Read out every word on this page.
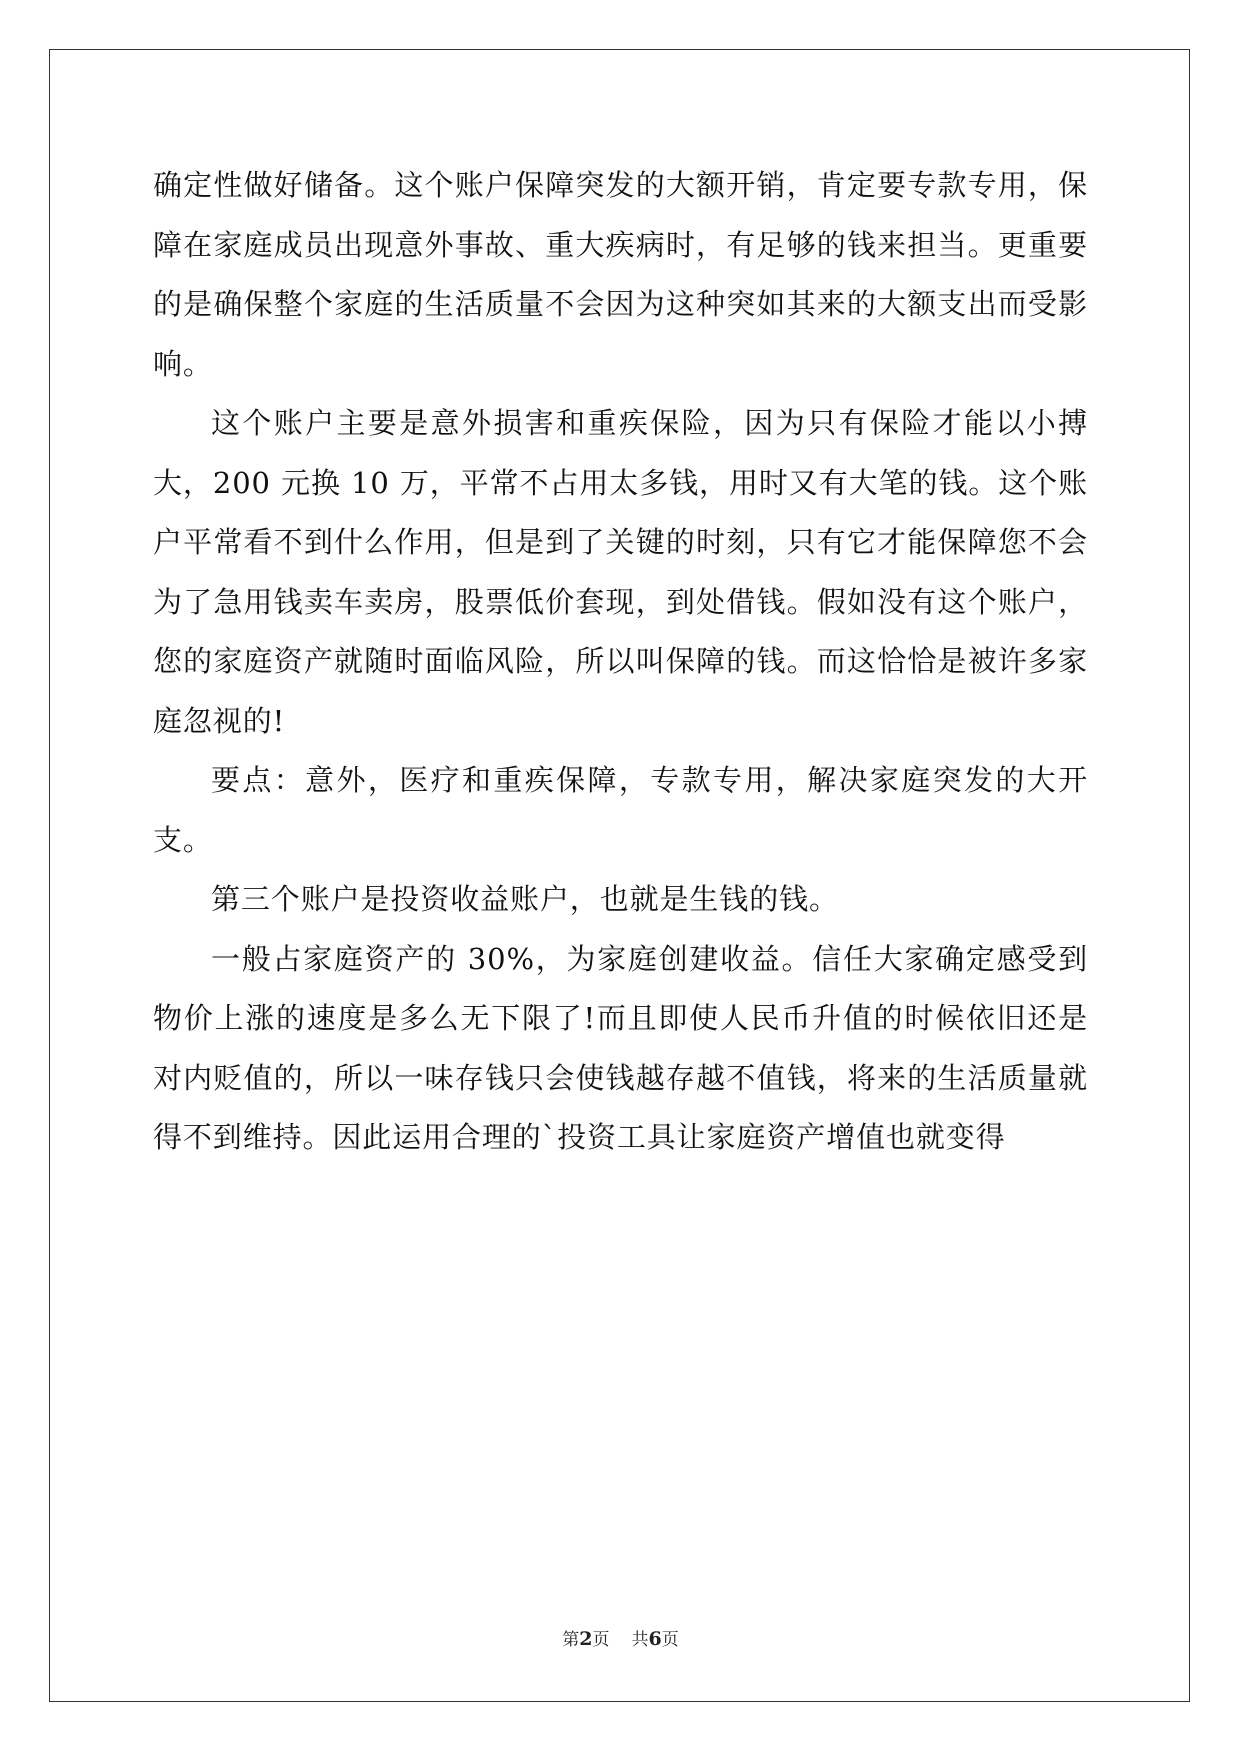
确定性做好储备。这个账户保障突发的大额开销，肯定要专款专用，保障在家庭成员出现意外事故、重大疾病时，有足够的钱来担当。更重要的是确保整个家庭的生活质量不会因为这种突如其来的大额支出而受影响。

这个账户主要是意外损害和重疾保险，因为只有保险才能以小搏大，200 元换 10 万，平常不占用太多钱，用时又有大笔的钱。这个账户平常看不到什么作用，但是到了关键的时刻，只有它才能保障您不会为了急用钱卖车卖房，股票低价套现，到处借钱。假如没有这个账户，您的家庭资产就随时面临风险，所以叫保障的钱。而这恰恰是被许多家庭忽视的!

要点：意外，医疗和重疾保障，专款专用，解决家庭突发的大开支。

第三个账户是投资收益账户，也就是生钱的钱。

一般占家庭资产的 30%，为家庭创建收益。信任大家确定感受到物价上涨的速度是多么无下限了!而且即使人民币升值的时候依旧还是对内贬值的，所以一味存钱只会使钱越存越不值钱，将来的生活质量就得不到维持。因此运用合理的`投资工具让家庭资产增值也就变得

第2页 共6页
